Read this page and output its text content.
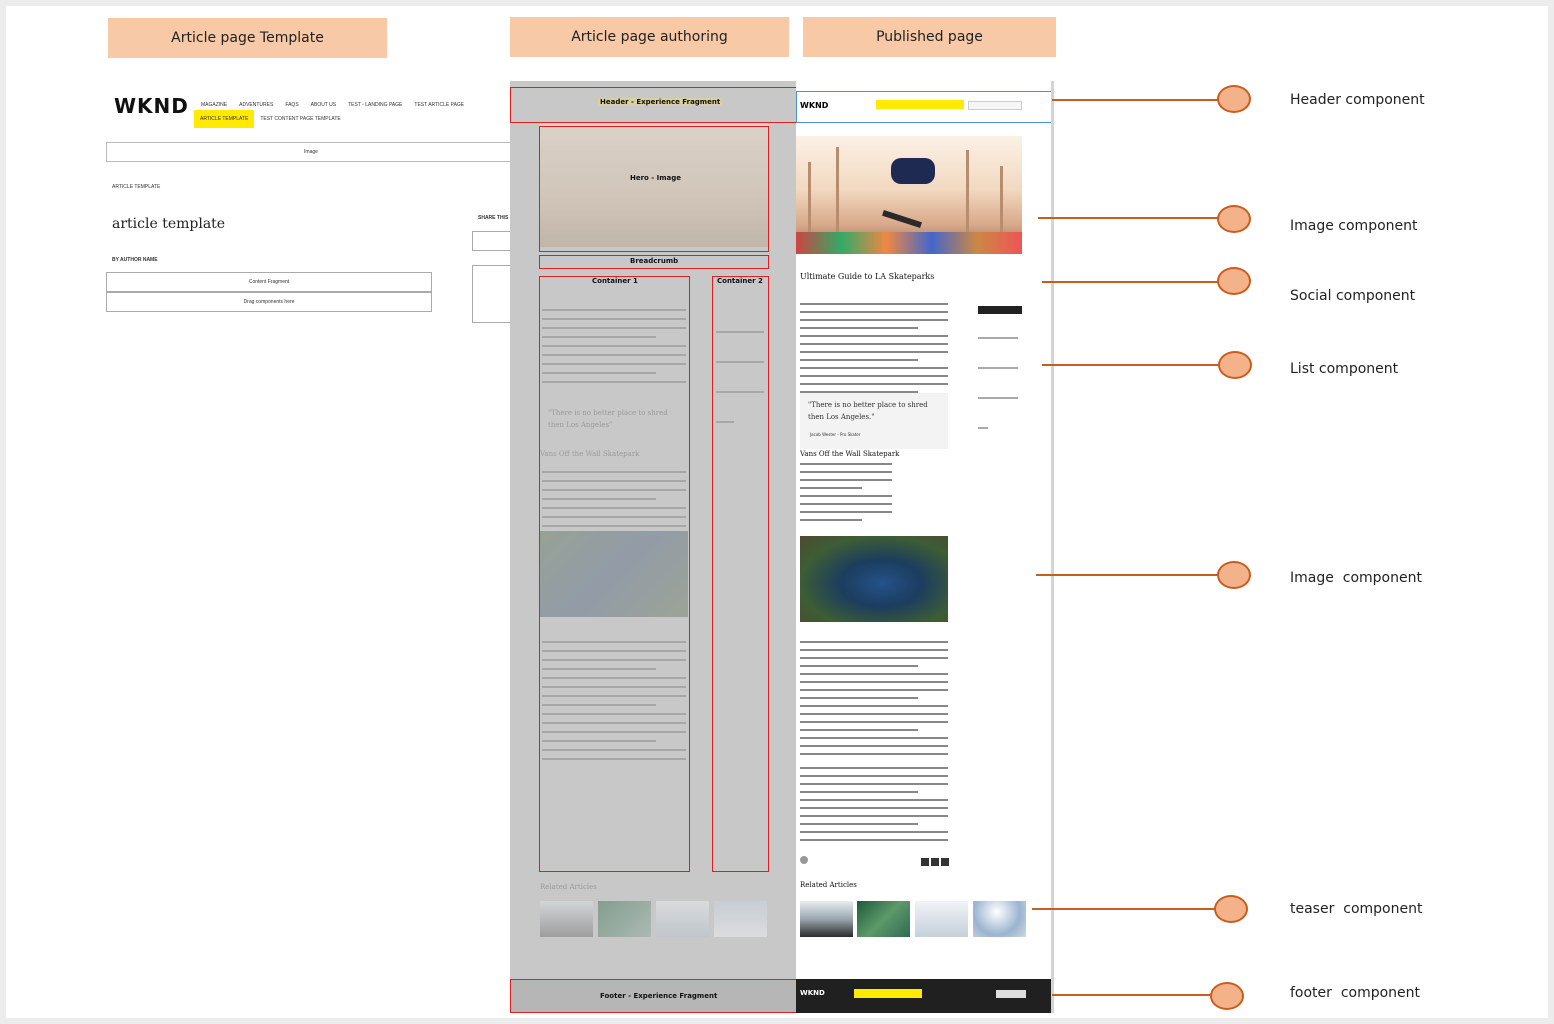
Article page Template	Article page authoring	Published page
WKND MAGAZINE ADVENTURES FAQS ABOUT US TEST - LANDING PAGE TEST ARTICLE PAGE
ARTICLE TEMPLATE	TEST CONTENT PAGE TEMPLATE
Image
ARTICLE TEMPLATE
article template
BY AUTHOR NAME
SHARE THIS
Content Fragment
Drag components here
Header - Experience Fragment
Hero - Image
Breadcrumb
Container 1	Container 2
"There is no better place to shred then Los Angeles"
Vans Off the Wall Skatepark
Related Articles
Footer - Experience Fragment
WKND
Ultimate Guide to LA Skateparks
"There is no better place to shred then Los Angeles."
Jacob Wester - Pro Skater
Vans Off the Wall Skatepark
Related Articles
WKND
Header component
Image component
Social component
List component
Image  component
teaser  component
footer  component
